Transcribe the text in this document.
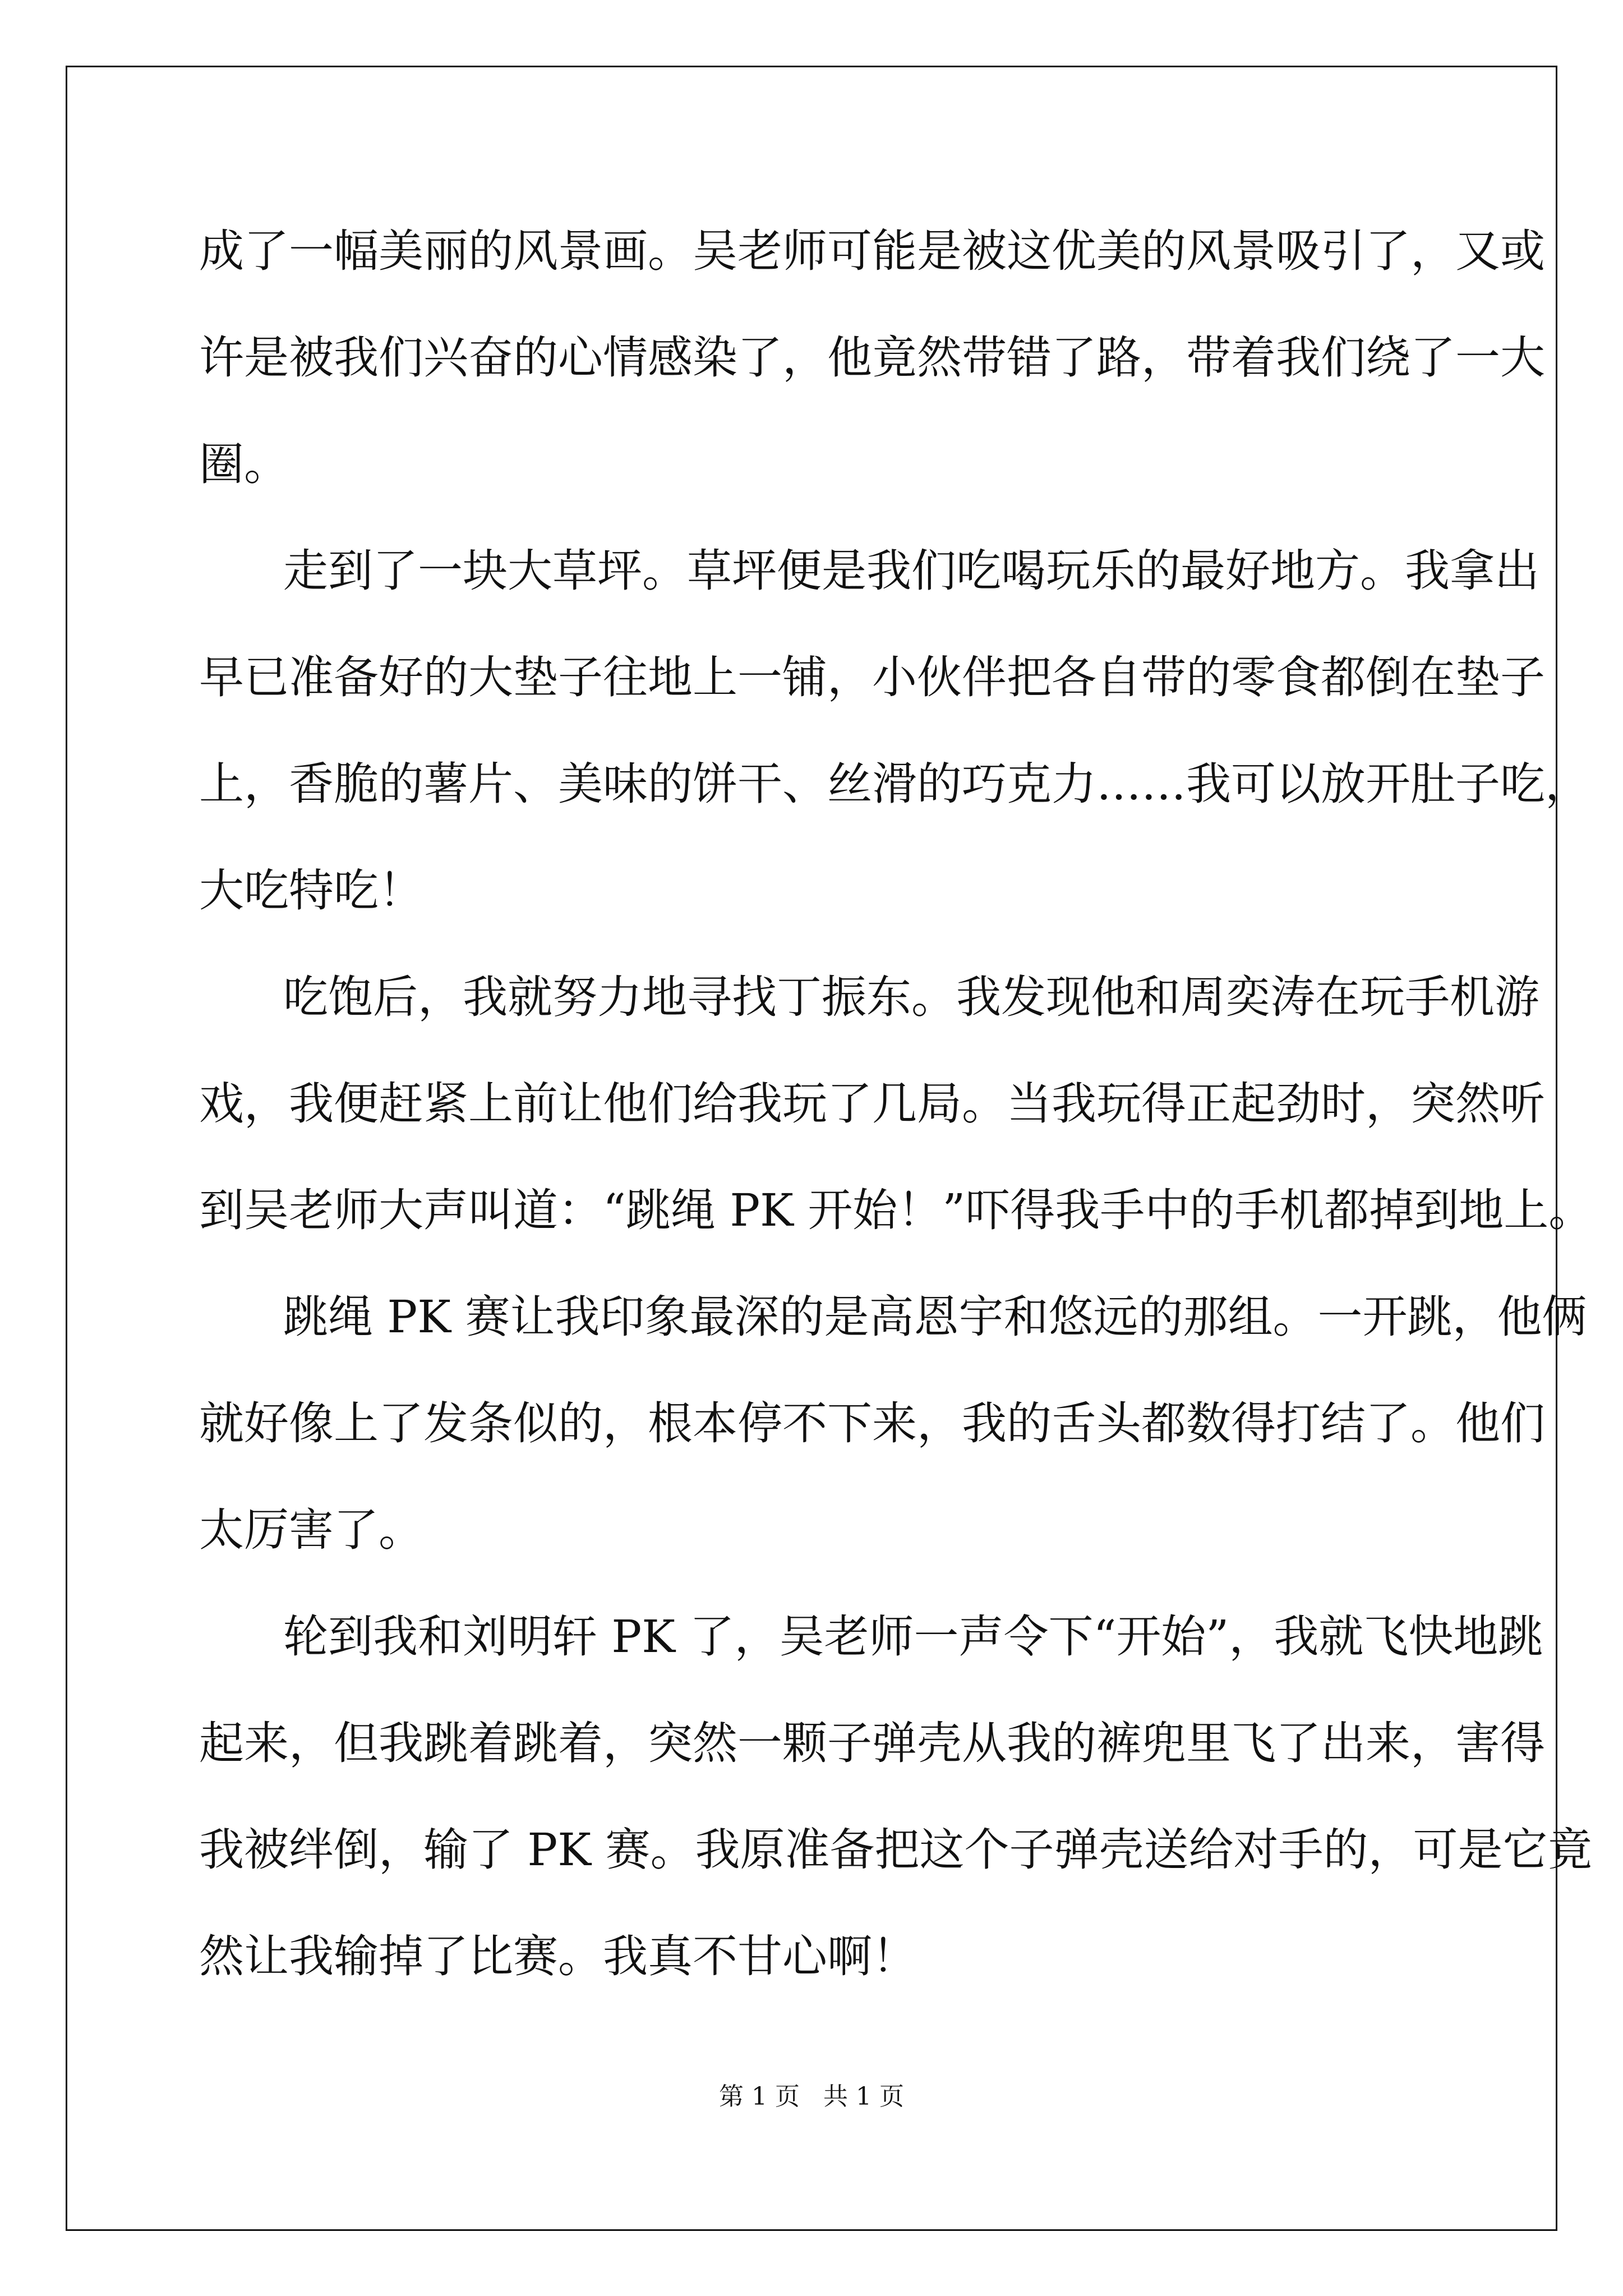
成了一幅美丽的风景画。吴老师可能是被这优美的风景吸引了，又或
许是被我们兴奋的心情感染了，他竟然带错了路，带着我们绕了一大
圈。
走到了一块大草坪。草坪便是我们吃喝玩乐的最好地方。我拿出
早已准备好的大垫子往地上一铺，小伙伴把各自带的零食都倒在垫子
上，香脆的薯片、美味的饼干、丝滑的巧克力……我可以放开肚子吃，
大吃特吃！
吃饱后，我就努力地寻找丁振东。我发现他和周奕涛在玩手机游
戏，我便赶紧上前让他们给我玩了几局。当我玩得正起劲时，突然听
到吴老师大声叫道：“跳绳 PK 开始！”吓得我手中的手机都掉到地上。
跳绳 PK 赛让我印象最深的是高恩宇和悠远的那组。一开跳，他俩
就好像上了发条似的，根本停不下来，我的舌头都数得打结了。他们
太厉害了。
轮到我和刘明轩 PK 了，吴老师一声令下“开始”，我就飞快地跳
起来，但我跳着跳着，突然一颗子弹壳从我的裤兜里飞了出来，害得
我被绊倒，输了 PK 赛。我原准备把这个子弹壳送给对手的，可是它竟
然让我输掉了比赛。我真不甘心啊！
第 1 页 共 1 页
